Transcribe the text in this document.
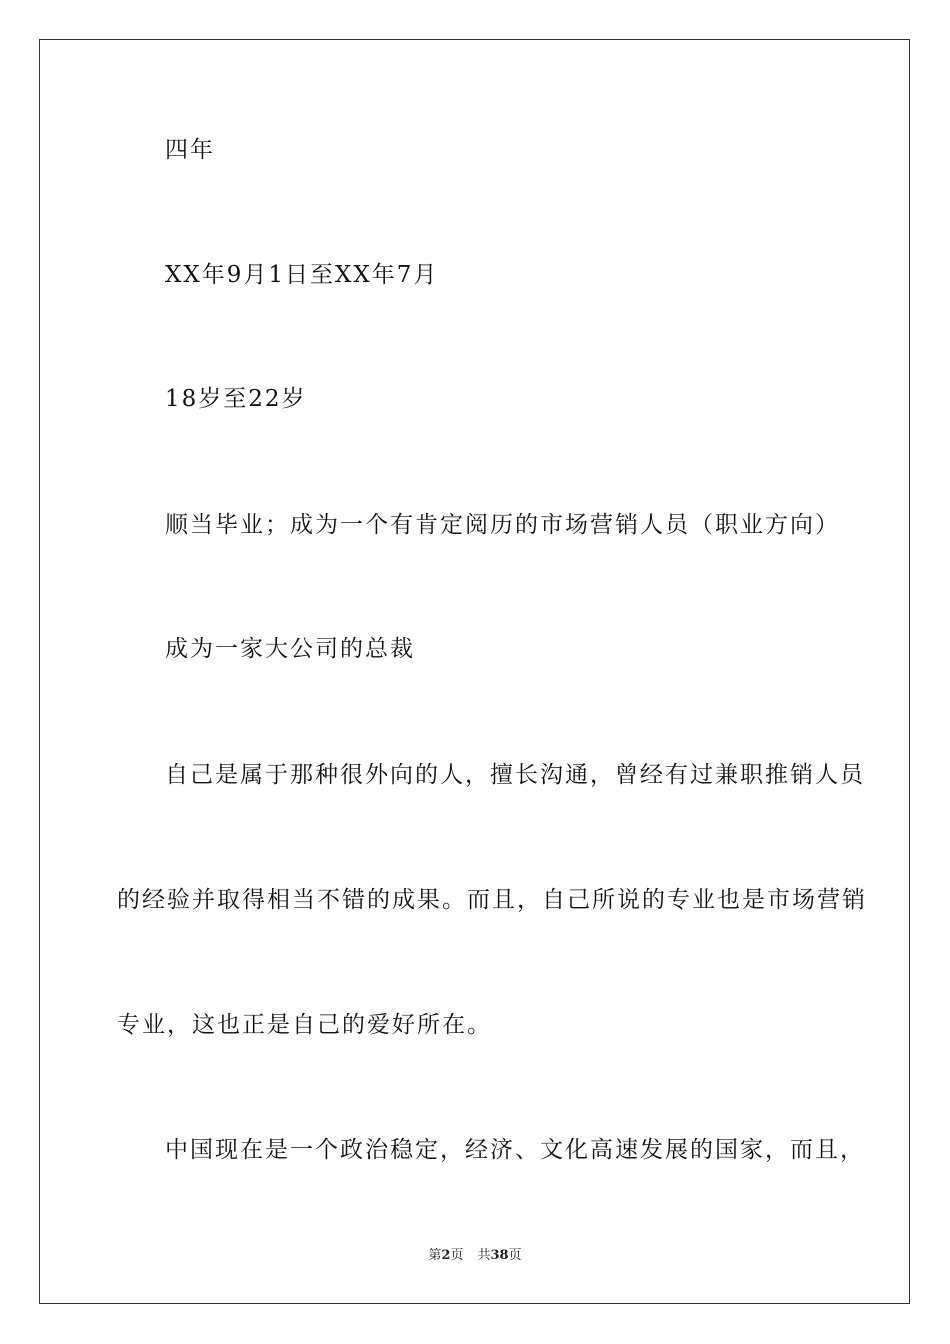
四年
XX年9月1日至XX年7月
18岁至22岁
顺当毕业；成为一个有肯定阅历的市场营销人员（职业方向）
成为一家大公司的总裁
自己是属于那种很外向的人，擅长沟通，曾经有过兼职推销人员
的经验并取得相当不错的成果。而且，自己所说的专业也是市场营销
专业，这也正是自己的爱好所在。
中国现在是一个政治稳定，经济、文化高速发展的国家，而且，
第2页 共38页
